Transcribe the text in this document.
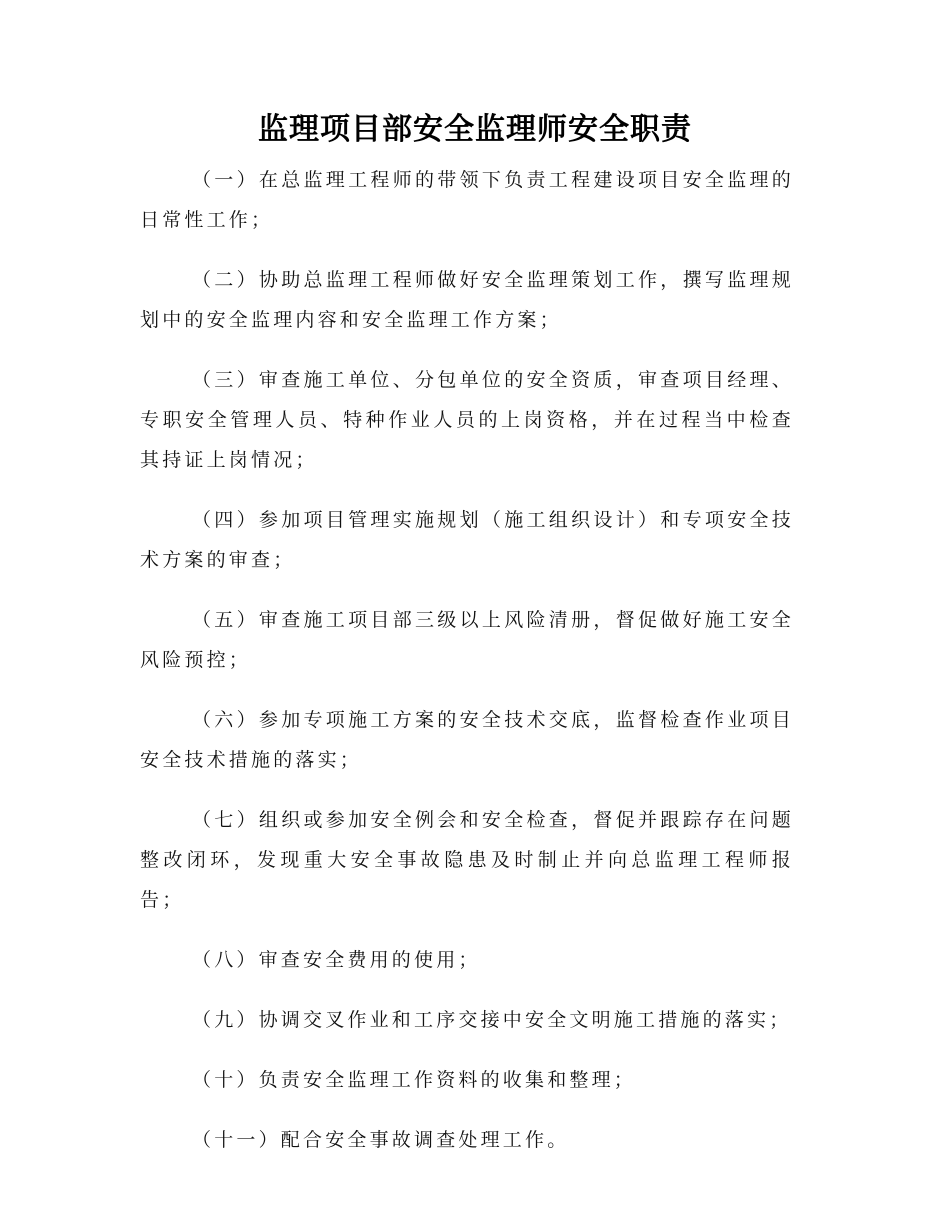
监理项目部安全监理师安全职责

（一）在总监理工程师的带领下负责工程建设项目安全监理的日常性工作；

（二）协助总监理工程师做好安全监理策划工作，撰写监理规划中的安全监理内容和安全监理工作方案；

（三）审查施工单位、分包单位的安全资质，审查项目经理、专职安全管理人员、特种作业人员的上岗资格，并在过程当中检查其持证上岗情况；

（四）参加项目管理实施规划（施工组织设计）和专项安全技术方案的审查；

（五）审查施工项目部三级以上风险清册，督促做好施工安全风险预控；

（六）参加专项施工方案的安全技术交底，监督检查作业项目安全技术措施的落实；

（七）组织或参加安全例会和安全检查，督促并跟踪存在问题整改闭环，发现重大安全事故隐患及时制止并向总监理工程师报告；

（八）审查安全费用的使用；

（九）协调交叉作业和工序交接中安全文明施工措施的落实；

（十）负责安全监理工作资料的收集和整理；

（十一）配合安全事故调查处理工作。
